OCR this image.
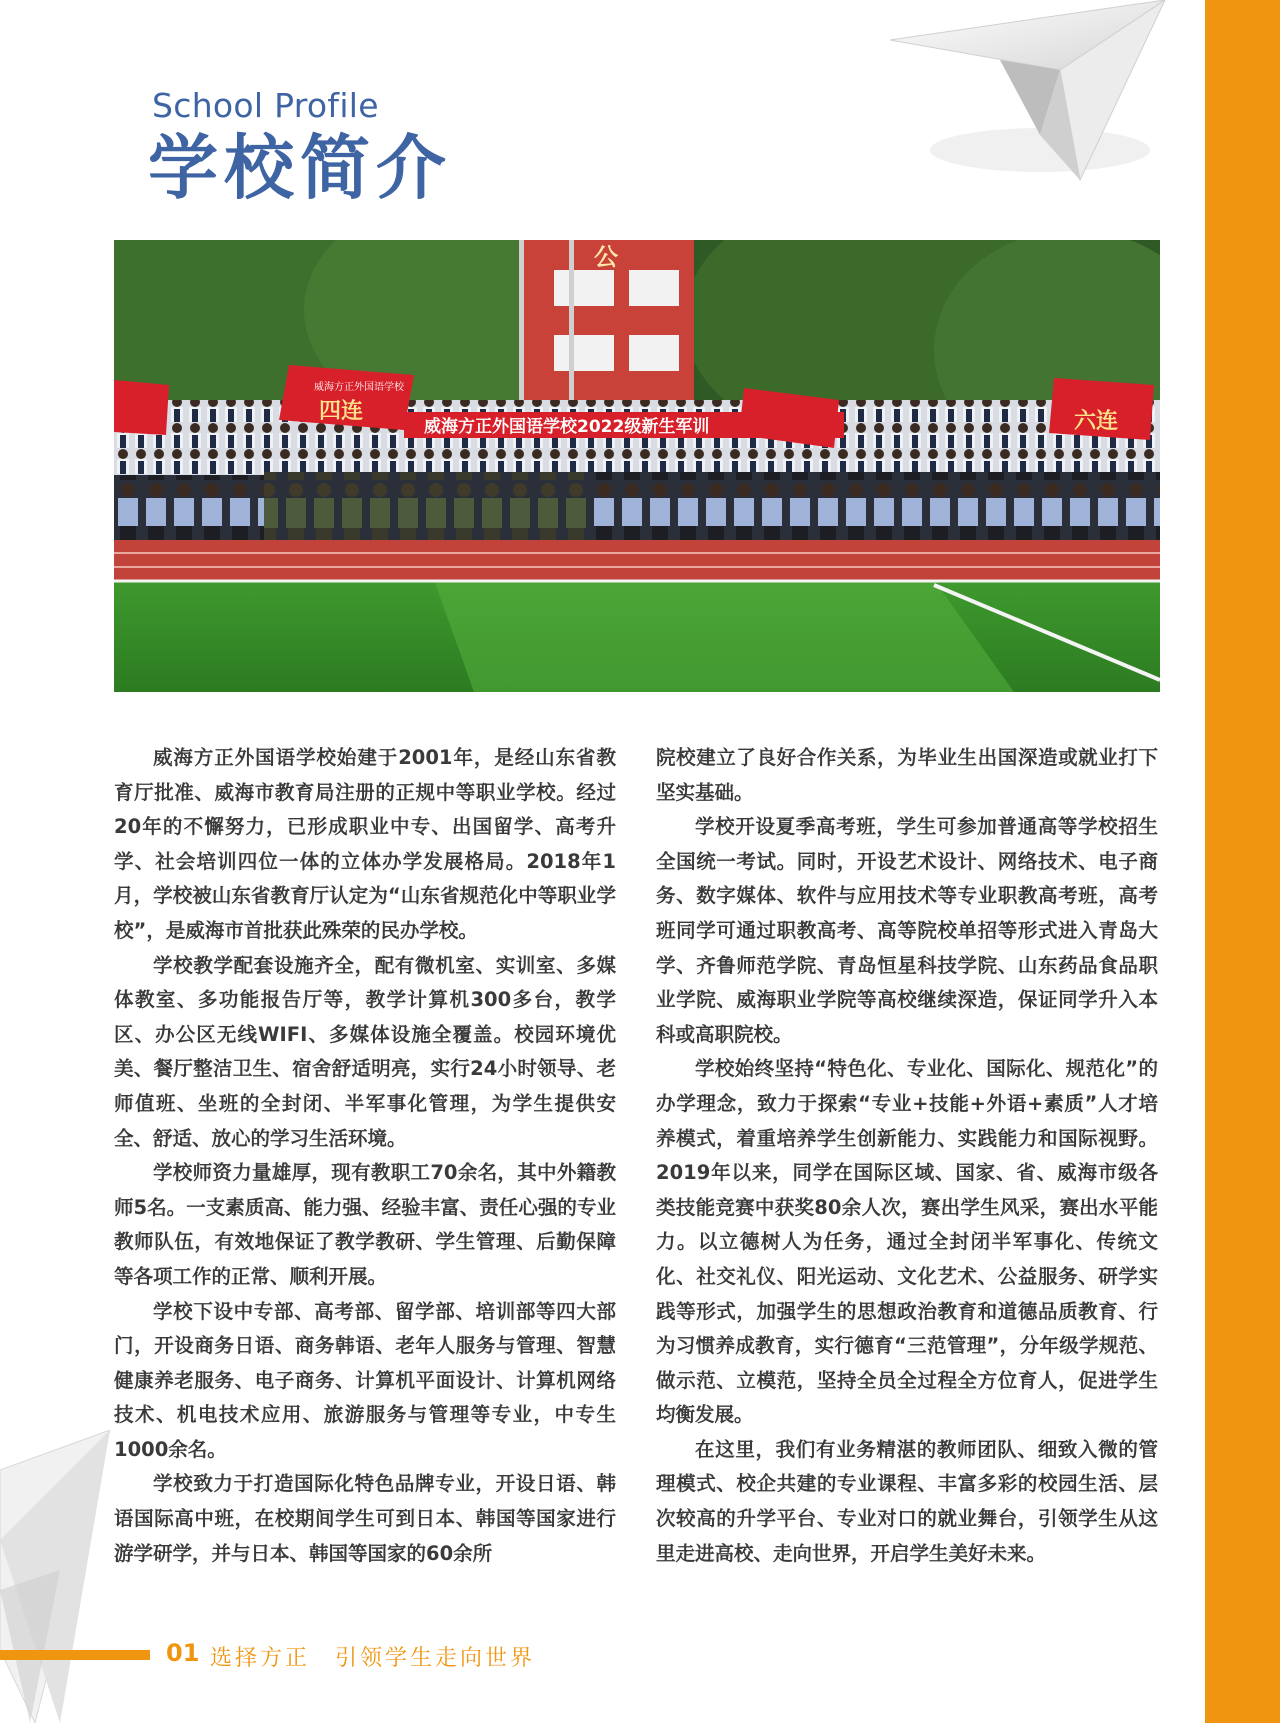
School Profile
学校简介
公
威海方正外国语学校2022级新生军训
威海方正外国语学校
四连	六连

威海方正外国语学校始建于2001年，是经山东省教育厅批准、威海市教育局注册的正规中等职业学校。经过20年的不懈努力，已形成职业中专、出国留学、高考升学、社会培训四位一体的立体办学发展格局。2018年1月，学校被山东省教育厅认定为“山东省规范化中等职业学校”，是威海市首批获此殊荣的民办学校。

学校教学配套设施齐全，配有微机室、实训室、多媒体教室、多功能报告厅等，教学计算机300多台，教学区、办公区无线WIFI、多媒体设施全覆盖。校园环境优美、餐厅整洁卫生、宿舍舒适明亮，实行24小时领导、老师值班、坐班的全封闭、半军事化管理，为学生提供安全、舒适、放心的学习生活环境。

学校师资力量雄厚，现有教职工70余名，其中外籍教师5名。一支素质高、能力强、经验丰富、责任心强的专业教师队伍，有效地保证了教学教研、学生管理、后勤保障等各项工作的正常、顺利开展。

学校下设中专部、高考部、留学部、培训部等四大部门，开设商务日语、商务韩语、老年人服务与管理、智慧健康养老服务、电子商务、计算机平面设计、计算机网络技术、机电技术应用、旅游服务与管理等专业，中专生1000余名。

学校致力于打造国际化特色品牌专业，开设日语、韩语国际高中班，在校期间学生可到日本、韩国等国家进行游学研学，并与日本、韩国等国家的60余所

院校建立了良好合作关系，为毕业生出国深造或就业打下坚实基础。

学校开设夏季高考班，学生可参加普通高等学校招生全国统一考试。同时，开设艺术设计、网络技术、电子商务、数字媒体、软件与应用技术等专业职教高考班，高考班同学可通过职教高考、高等院校单招等形式进入青岛大学、齐鲁师范学院、青岛恒星科技学院、山东药品食品职业学院、威海职业学院等高校继续深造，保证同学升入本科或高职院校。

学校始终坚持“特色化、专业化、国际化、规范化”的办学理念，致力于探索“专业+技能+外语+素质”人才培养模式，着重培养学生创新能力、实践能力和国际视野。2019年以来，同学在国际区域、国家、省、威海市级各类技能竞赛中获奖80余人次，赛出学生风采，赛出水平能力。以立德树人为任务，通过全封闭半军事化、传统文化、社交礼仪、阳光运动、文化艺术、公益服务、研学实践等形式，加强学生的思想政治教育和道德品质教育、行为习惯养成教育，实行德育“三范管理”，分年级学规范、做示范、立模范，坚持全员全过程全方位育人，促进学生均衡发展。

在这里，我们有业务精湛的教师团队、细致入微的管理模式、校企共建的专业课程、丰富多彩的校园生活、层次较高的升学平台、专业对口的就业舞台，引领学生从这里走进高校、走向世界，开启学生美好未来。

01 选择方正　引领学生走向世界
